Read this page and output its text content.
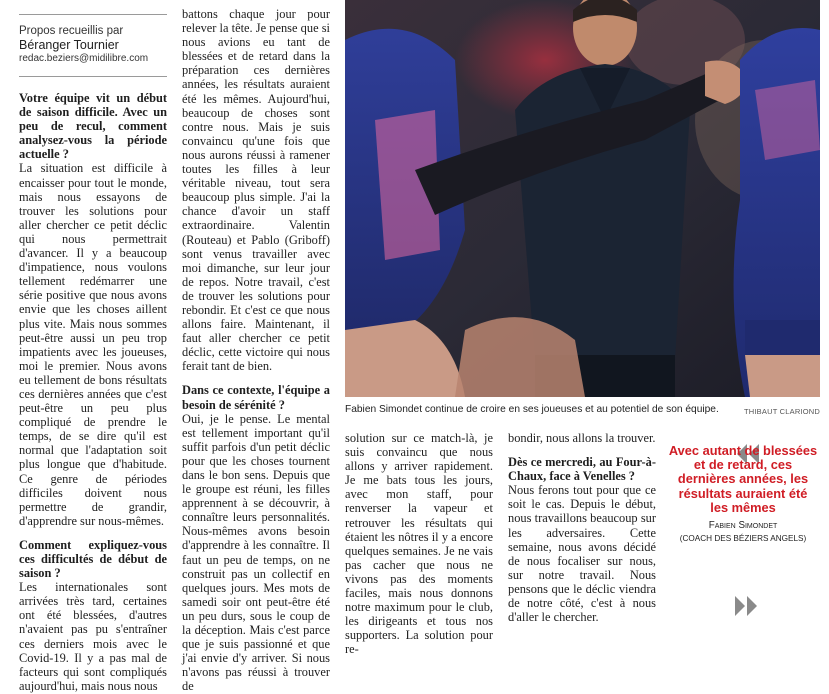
Propos recueillis par
Béranger Tournier
redac.beziers@midilibre.com

Votre équipe vit un début de saison difficile. Avec un peu de recul, comment analysez-vous la période actuelle ?

La situation est difficile à encaisser pour tout le monde, mais nous essayons de trouver les solutions pour aller chercher ce petit déclic qui nous permettrait d'avancer. Il y a beaucoup d'impatience, nous voulons tellement redémarrer une série positive que nous avons envie que les choses aillent plus vite. Mais nous sommes peut-être aussi un peu trop impatients avec les joueuses, moi le premier. Nous avons eu tellement de bons résultats ces dernières années que c'est peut-être un peu plus compliqué de prendre le temps, de se dire qu'il est normal que l'adaptation soit plus longue que d'habitude. Ce genre de périodes difficiles doivent nous permettre de grandir, d'apprendre sur nous-mêmes.

Comment expliquez-vous ces difficultés de début de saison ?

Les internationales sont arrivées très tard, certaines ont été blessées, d'autres n'avaient pas pu s'entraîner ces derniers mois avec le Covid-19. Il y a pas mal de facteurs qui sont compliqués aujourd'hui, mais nous nous

battons chaque jour pour relever la tête. Je pense que si nous avions eu tant de blessées et de retard dans la préparation ces dernières années, les résultats auraient été les mêmes. Aujourd'hui, beaucoup de choses sont contre nous. Mais je suis convaincu qu'une fois que nous aurons réussi à ramener toutes les filles à leur véritable niveau, tout sera beaucoup plus simple. J'ai la chance d'avoir un staff extraordinaire. Valentin (Routeau) et Pablo (Griboff) sont venus travailler avec moi dimanche, sur leur jour de repos. Notre travail, c'est de trouver les solutions pour rebondir. Et c'est ce que nous allons faire. Maintenant, il faut aller chercher ce petit déclic, cette victoire qui nous ferait tant de bien.

Dans ce contexte, l'équipe a besoin de sérénité ?

Oui, je le pense. Le mental est tellement important qu'il suffit parfois d'un petit déclic pour que les choses tournent dans le bon sens. Depuis que le groupe est réuni, les filles apprennent à se découvrir, à connaître leurs personnalités. Nous-mêmes avons besoin d'apprendre à les connaître. Il faut un peu de temps, on ne construit pas un collectif en quelques jours. Mes mots de samedi soir ont peut-être été un peu durs, sous le coup de la déception. Mais c'est parce que je suis passionné et que j'ai envie d'y arriver. Si nous n'avons pas réussi à trouver de

solution sur ce match-là, je suis convaincu que nous allons y arriver rapidement. Je me bats tous les jours, avec mon staff, pour renverser la vapeur et retrouver les résultats qui étaient les nôtres il y a encore quelques semaines. Je ne vais pas cacher que nous ne vivons pas des moments faciles, mais nous donnons notre maximum pour le club, les dirigeants et tous nos supporters. La solution pour re-

bondir, nous allons la trouver.

Dès ce mercredi, au Four-à-Chaux, face à Venelles ?

Nous ferons tout pour que ce soit le cas. Depuis le début, nous travaillons beaucoup sur les adversaires. Cette semaine, nous avons décidé de nous focaliser sur nous, sur notre travail. Nous pensons que le déclic viendra de notre côté, c'est à nous d'aller le chercher.

Fabien Simondet continue de croire en ses joueuses et au potentiel de son équipe.	THIBAUT CLARIOND
Avec autant de blessées et de retard, ces dernières années, les résultats auraient été les mêmes
Fabien Simondet
(COACH DES BÉZIERS ANGELS)
